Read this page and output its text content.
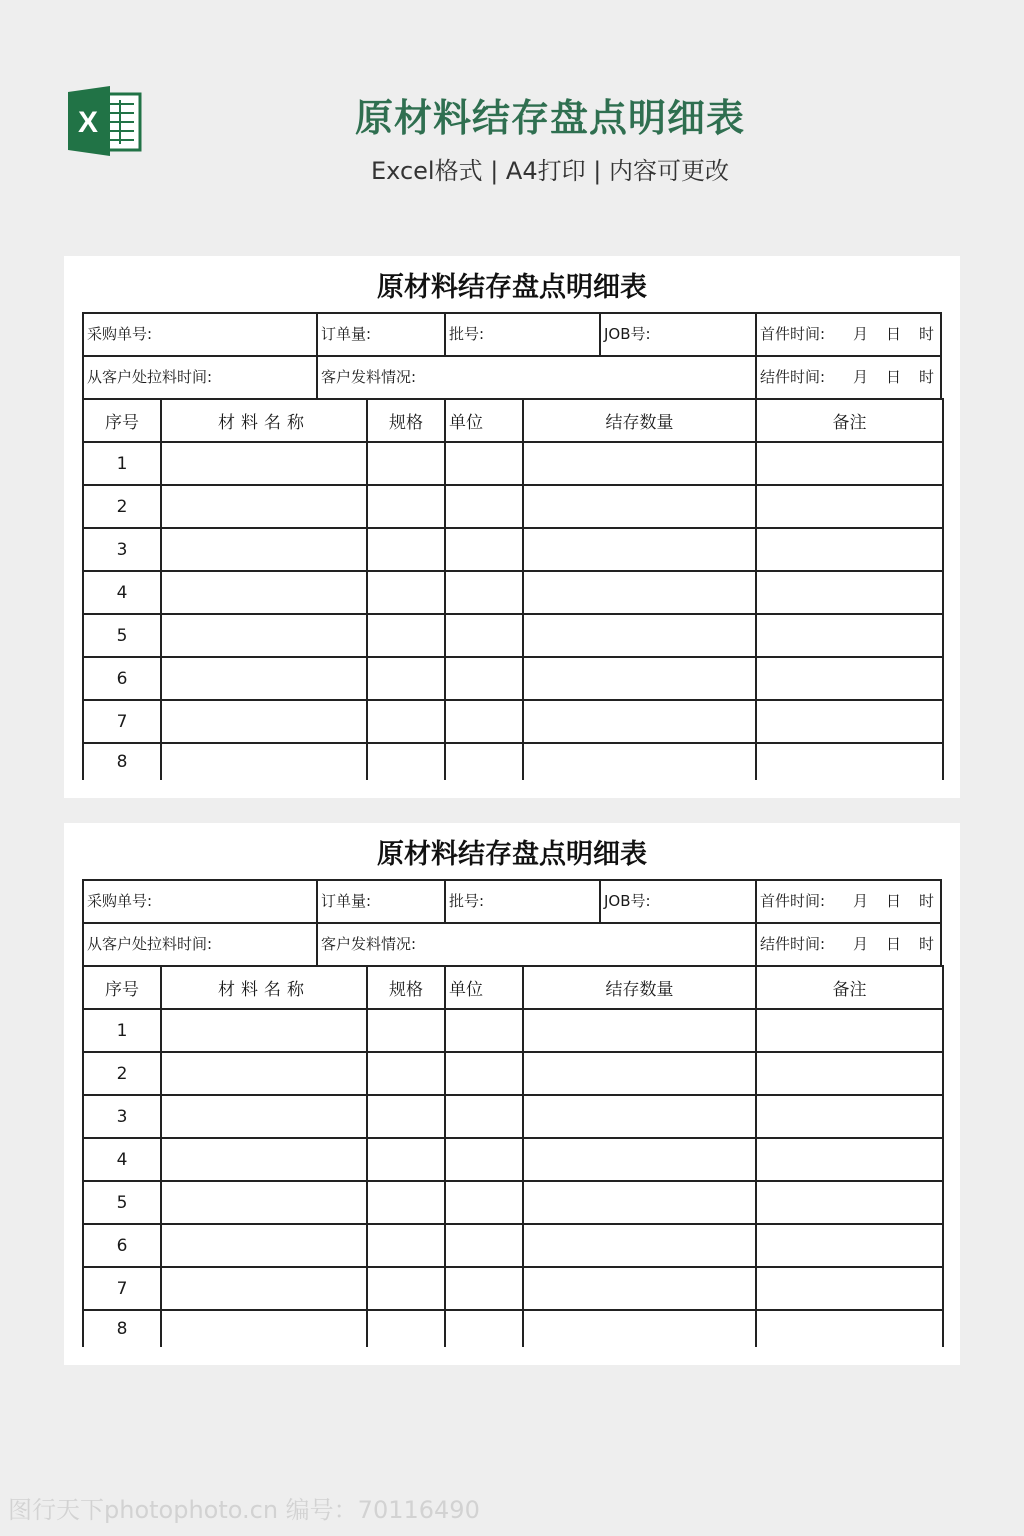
X	原材料结存盘点明细表
Excel格式 | A4打印 | 内容可更改
原材料结存盘点明细表
采购单号:	订单量:	批号:	JOB号:	首件时间:	月 日 时
从客户处拉料时间:	客户发料情况:	结件时间:	月 日 时
序号	材料名称	规格	单位	结存数量	备注
1					
2					
3					
4					
5					
6					
7					
8					
原材料结存盘点明细表
采购单号:	订单量:	批号:	JOB号:	首件时间:	月 日 时
从客户处拉料时间:	客户发料情况:	结件时间:	月 日 时
序号	材料名称	规格	单位	结存数量	备注
1					
2					
3					
4					
5					
6					
7					
8					
图行天下photophoto.cn 编号：70116490
